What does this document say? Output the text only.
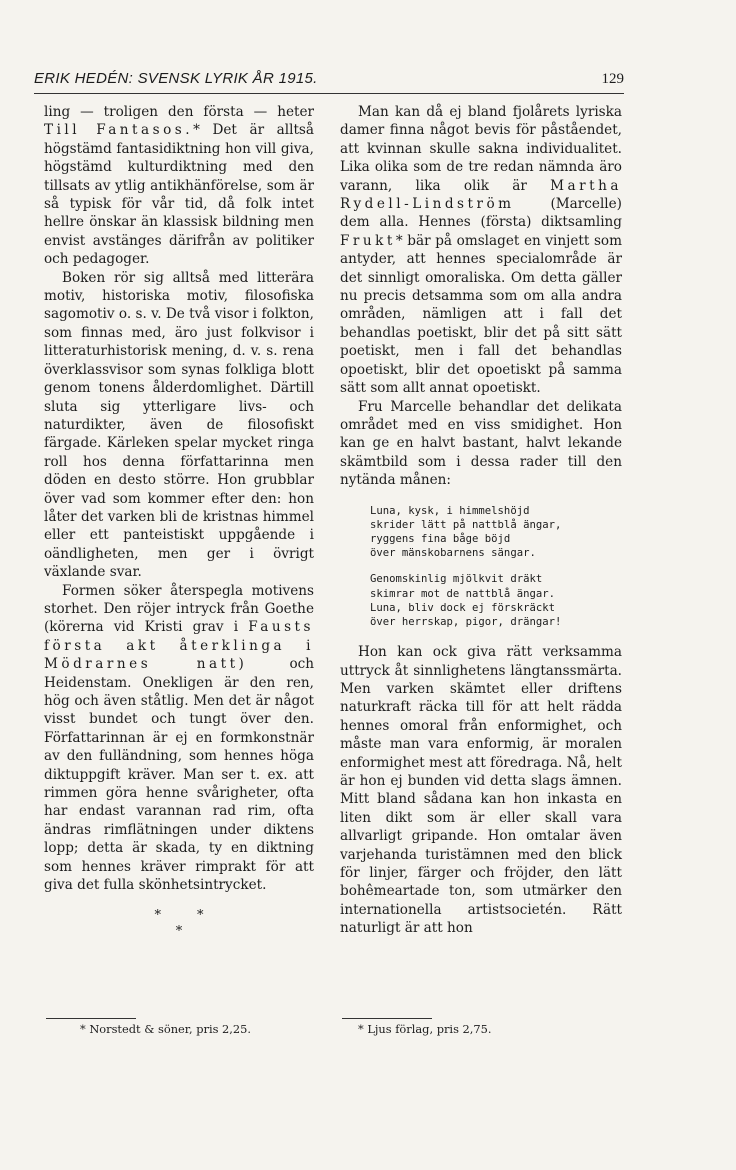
ERIK HEDÉN: SVENSK LYRIK ÅR 1915.	129

ling — troligen den första — heter Till Fantasos.* Det är alltså högstämd fantasidiktning hon vill giva, högstämd kulturdiktning med den tillsats av ytlig antikhänförelse, som är så typisk för vår tid, då folk intet hellre önskar än klassisk bildning men envist avstänges därifrån av politiker och pedagoger.

Boken rör sig alltså med litterära motiv, historiska motiv, filosofiska sagomotiv o. s. v. De två visor i folkton, som finnas med, äro just folkvisor i litteraturhistorisk mening, d. v. s. rena överklassvisor som synas folkliga blott genom tonens ålderdomlighet. Därtill sluta sig ytterligare livs- och naturdikter, även de filosofiskt färgade. Kärleken spelar mycket ringa roll hos denna författarinna men döden en desto större. Hon grubblar över vad som kommer efter den: hon låter det varken bli de kristnas himmel eller ett panteistiskt uppgående i oändligheten, men ger i övrigt växlande svar.

Formen söker återspegla motivens storhet. Den röjer intryck från Goethe (körerna vid Kristi grav i Fausts första akt återklinga i Mödrarnes natt) och Heidenstam. Onekligen är den ren, hög och även ståtlig. Men det är något visst bundet och tungt över den. Författarinnan är ej en formkonstnär av den fulländning, som hennes höga diktuppgift kräver. Man ser t. ex. att rimmen göra henne svårigheter, ofta har endast varannan rad rim, ofta ändras rimflätningen under diktens lopp; detta är skada, ty en diktning som hennes kräver rimprakt för att giva det fulla skönhetsintrycket.

*	*
*

Man kan då ej bland fjolårets lyriska damer finna något bevis för påståendet, att kvinnan skulle sakna individualitet. Lika olika som de tre redan nämnda äro varann, lika olik är Martha Rydell-Lindström (Marcelle) dem alla. Hennes (första) diktsamling Frukt* bär på omslaget en vinjett som antyder, att hennes specialområde är det sinnligt omoraliska. Om detta gäller nu precis detsamma som om alla andra områden, nämligen att i fall det behandlas poetiskt, blir det på sitt sätt poetiskt, men i fall det behandlas opoetiskt, blir det opoetiskt på samma sätt som allt annat opoetiskt.

Fru Marcelle behandlar det delikata området med en viss smidighet. Hon kan ge en halvt bastant, halvt lekande skämtbild som i dessa rader till den nytända månen:

Luna, kysk, i himmelshöjd
skrider lätt på nattblå ängar,
ryggens fina båge böjd
över mänskobarnens sängar.
Genomskinlig mjölkvit dräkt
skimrar mot de nattblå ängar.
Luna, bliv dock ej förskräckt
över herrskap, pigor, drängar!

Hon kan ock giva rätt verksamma uttryck åt sinnlighetens längtanssmärta. Men varken skämtet eller driftens naturkraft räcka till för att helt rädda hennes omoral från enformighet, och måste man vara enformig, är moralen enformighet mest att föredraga. Nå, helt är hon ej bunden vid detta slags ämnen. Mitt bland sådana kan hon inkasta en liten dikt som är eller skall vara allvarligt gripande. Hon omtalar även varjehanda turistämnen med den blick för linjer, färger och fröjder, den lätt bohêmeartade ton, som utmärker den internationella artistsocietén. Rätt naturligt är att hon

* Norstedt & söner, pris 2,25.	* Ljus förlag, pris 2,75.
